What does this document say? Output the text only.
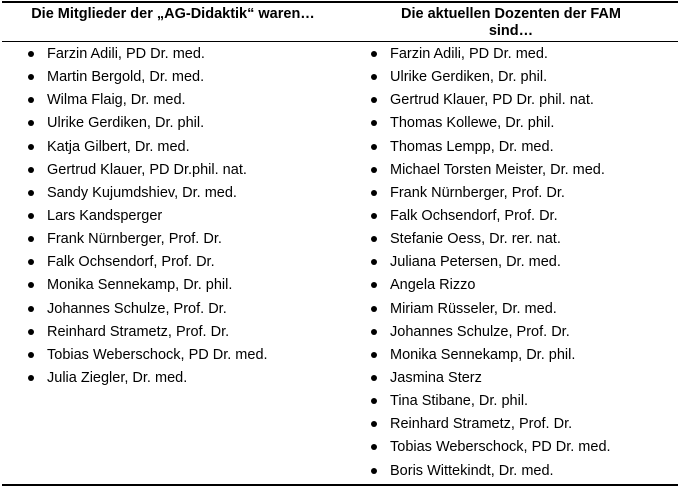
Die Mitglieder der „AG-Didaktik“ waren…	Die aktuellen Dozenten der FAM
sind…
Farzin Adili, PD Dr. med.
Martin Bergold, Dr. med.
Wilma Flaig, Dr. med.
Ulrike Gerdiken, Dr. phil.
Katja Gilbert, Dr. med.
Gertrud Klauer, PD Dr.phil. nat.
Sandy Kujumdshiev, Dr. med.
Lars Kandsperger
Frank Nürnberger, Prof. Dr.
Falk Ochsendorf, Prof. Dr.
Monika Sennekamp, Dr. phil.
Johannes Schulze, Prof. Dr.
Reinhard Strametz, Prof. Dr.
Tobias Weberschock, PD Dr. med.
Julia Ziegler, Dr. med.
Farzin Adili, PD Dr. med.
Ulrike Gerdiken, Dr. phil.
Gertrud Klauer, PD Dr. phil. nat.
Thomas Kollewe, Dr. phil.
Thomas Lempp, Dr. med.
Michael Torsten Meister, Dr. med.
Frank Nürnberger, Prof. Dr.
Falk Ochsendorf, Prof. Dr.
Stefanie Oess, Dr. rer. nat.
Juliana Petersen, Dr. med.
Angela Rizzo
Miriam Rüsseler, Dr. med.
Johannes Schulze, Prof. Dr.
Monika Sennekamp, Dr. phil.
Jasmina Sterz
Tina Stibane, Dr. phil.
Reinhard Strametz, Prof. Dr.
Tobias Weberschock, PD Dr. med.
Boris Wittekindt, Dr. med.
